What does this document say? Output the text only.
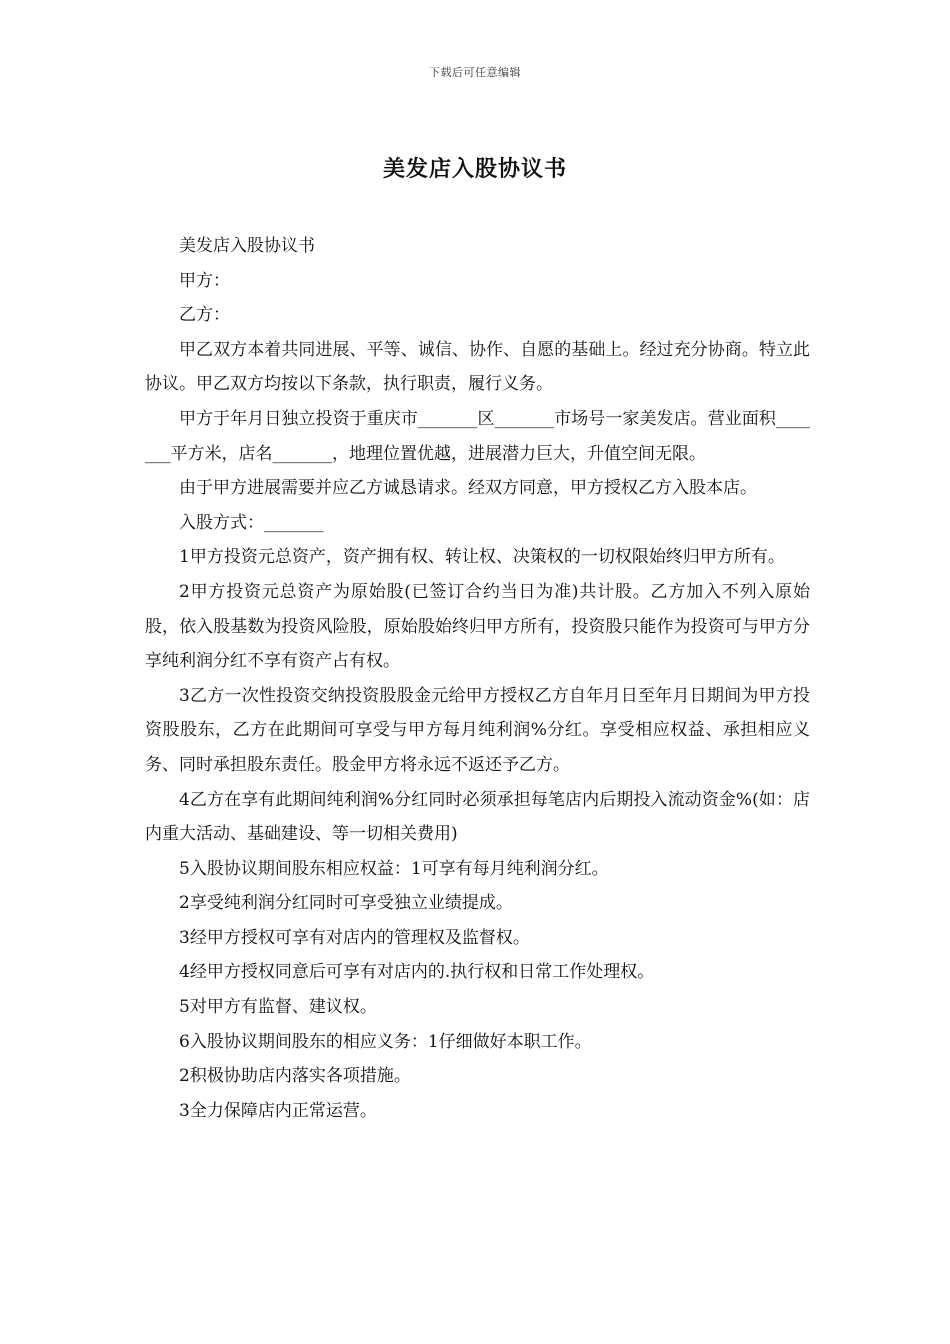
下载后可任意编辑
美发店入股协议书

美发店入股协议书

甲方：

乙方：

甲乙双方本着共同进展、平等、诚信、协作、自愿的基础上。经过充分协商。特立此协议。甲乙双方均按以下条款，执行职责，履行义务。

甲方于年月日独立投资于重庆市_______区_______市场号一家美发店。营业面积_______平方米，店名_______，地理位置优越，进展潜力巨大，升值空间无限。

由于甲方进展需要并应乙方诚恳请求。经双方同意，甲方授权乙方入股本店。

入股方式：_______

1甲方投资元总资产，资产拥有权、转让权、决策权的一切权限始终归甲方所有。

2甲方投资元总资产为原始股(已签订合约当日为准)共计股。乙方加入不列入原始股，依入股基数为投资风险股，原始股始终归甲方所有，投资股只能作为投资可与甲方分享纯利润分红不享有资产占有权。

3乙方一次性投资交纳投资股股金元给甲方授权乙方自年月日至年月日期间为甲方投资股股东，乙方在此期间可享受与甲方每月纯利润%分红。享受相应权益、承担相应义务、同时承担股东责任。股金甲方将永远不返还予乙方。

4乙方在享有此期间纯利润%分红同时必须承担每笔店内后期投入流动资金%(如：店内重大活动、基础建设、等一切相关费用)

5入股协议期间股东相应权益：1可享有每月纯利润分红。

2享受纯利润分红同时可享受独立业绩提成。

3经甲方授权可享有对店内的管理权及监督权。

4经甲方授权同意后可享有对店内的.执行权和日常工作处理权。

5对甲方有监督、建议权。

6入股协议期间股东的相应义务：1仔细做好本职工作。

2积极协助店内落实各项措施。

3全力保障店内正常运营。
